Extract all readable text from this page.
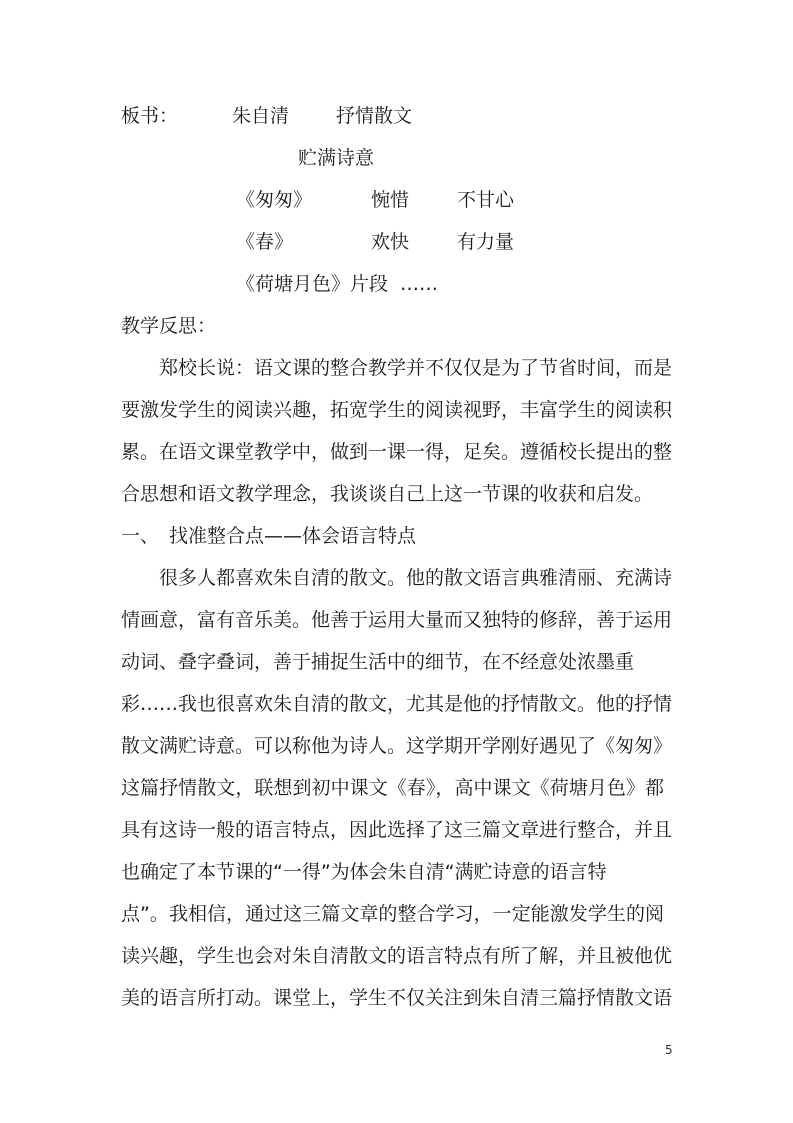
板书：	朱自清 抒情散文
贮满诗意
《匆匆》	惋惜	不甘心
《春》	欢快	有力量
《荷塘月色》片段 ……
教学反思：
郑校长说：语文课的整合教学并不仅仅是为了节省时间，而是
要激发学生的阅读兴趣，拓宽学生的阅读视野，丰富学生的阅读积
累。在语文课堂教学中，做到一课一得，足矣。遵循校长提出的整
合思想和语文教学理念，我谈谈自己上这一节课的收获和启发。
一、 找准整合点——体会语言特点
很多人都喜欢朱自清的散文。他的散文语言典雅清丽、充满诗
情画意，富有音乐美。他善于运用大量而又独特的修辞，善于运用
动词、叠字叠词，善于捕捉生活中的细节，在不经意处浓墨重
彩……我也很喜欢朱自清的散文，尤其是他的抒情散文。他的抒情
散文满贮诗意。可以称他为诗人。这学期开学刚好遇见了《匆匆》
这篇抒情散文，联想到初中课文《春》，高中课文《荷塘月色》都
具有这诗一般的语言特点，因此选择了这三篇文章进行整合，并且
也确定了本节课的“一得”为体会朱自清“满贮诗意的语言特
点”。我相信，通过这三篇文章的整合学习，一定能激发学生的阅
读兴趣，学生也会对朱自清散文的语言特点有所了解，并且被他优
美的语言所打动。课堂上，学生不仅关注到朱自清三篇抒情散文语
5
